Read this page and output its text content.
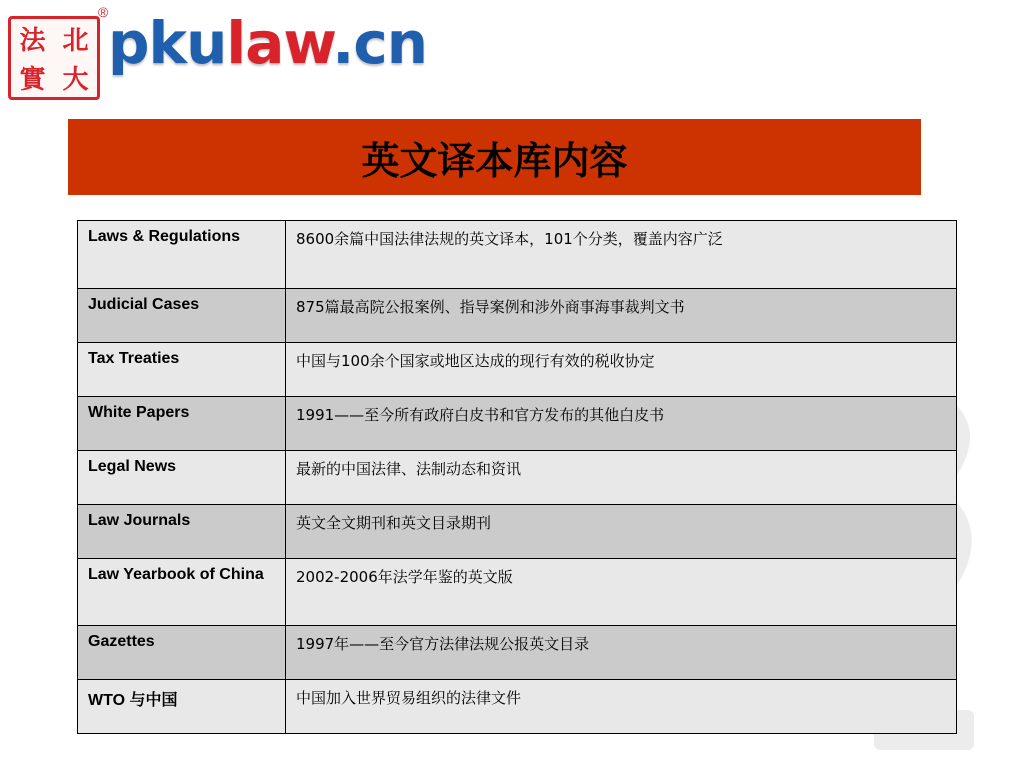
法 北
實 大
® pkulaw.cn
英文译本库内容
Laws & Regulations	8600余篇中国法律法规的英文译本，101个分类，覆盖内容广泛
Judicial Cases	875篇最高院公报案例、指导案例和涉外商事海事裁判文书
Tax Treaties	中国与100余个国家或地区达成的现行有效的税收协定
White Papers	1991——至今所有政府白皮书和官方发布的其他白皮书
Legal News	最新的中国法律、法制动态和资讯
Law Journals	英文全文期刊和英文目录期刊
Law Yearbook of China	2002-2006年法学年鉴的英文版
Gazettes	1997年——至今官方法律法规公报英文目录
WTO 与中国	中国加入世界贸易组织的法律文件
